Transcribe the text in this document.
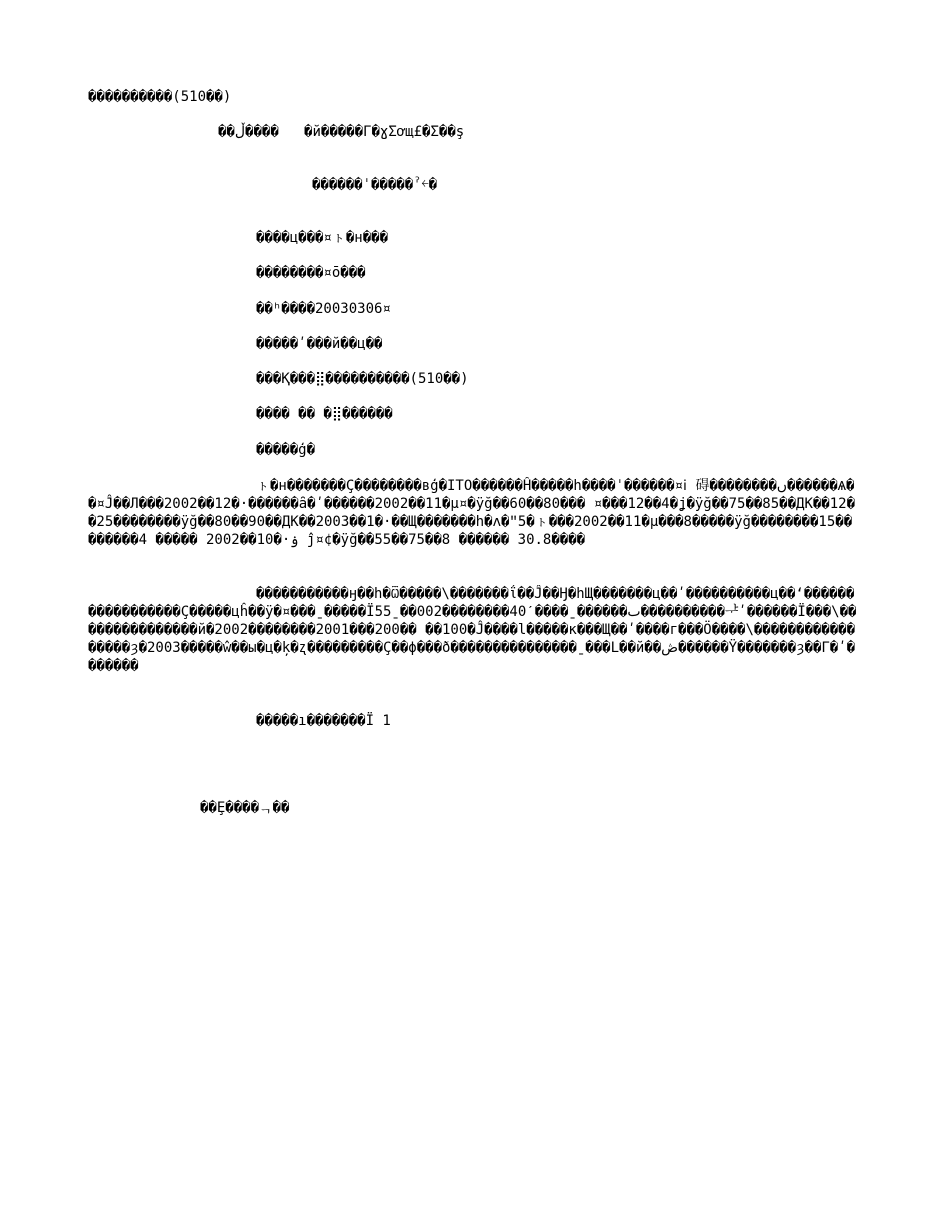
����������(510��)
��ڵ����   �й�����Г�ɣΣơщ£�Σ��ş
������ˈ�����ˀ￩�
����ц���¤ㇳ�н���
��������¤ō���
��ʰ����20030306¤
�����ʹ���й��ц��
���Қ���⣿����������(510��)
���� �� �⣿������
�����ģ�
ㇳ�н�������Ç��������вģ�ITO������Ĥ�����հ����ˈ������¤ⅰ 碍��������ں������Ѧ��¤Ĵ��Л���2002��12�·������ȃ�ʹ������2002��11�μ¤�ÿğ��60��80��� ¤���12��4�ʝ�ÿğ��75��85��ДК��12��25��������ÿğ��80��90��ДК��2003��1�·��Щ�������հ�ʌ�ʺ5�ㇳ���2002��11�μ���8�����ÿğ��������15��������4 ����� 2002��10�·ۏ ĵ¤¢�ÿğ��55��75��8 ������ 30.8����
�����������ӈ��հ�Ѿ�����\�������ΐ��Ĵ��Ӈ�հЩ�������ц��ʹ����������ц��ʻ�����������������Ç�����цĥ��ÿ�¤���ˍ�����Ï55ˍ��002��������40ˊ����ˍ������ٮ����������ᅷʹ������Ï���\���������������й�2002��������2001���200�� ��100�Ĵ����l�����к���Щ��ʹ����г���Ö����\�����������������ȝ�2003�����ŵ��ы�ц�ķ�ʐ���������Ç��ϕ���ð���������������ˍ���L��й��ڞ������Ÿ�������ȝ��Г�ʹ�������
�����ı�������Ï 1
��Ȩ����ᆨ��
